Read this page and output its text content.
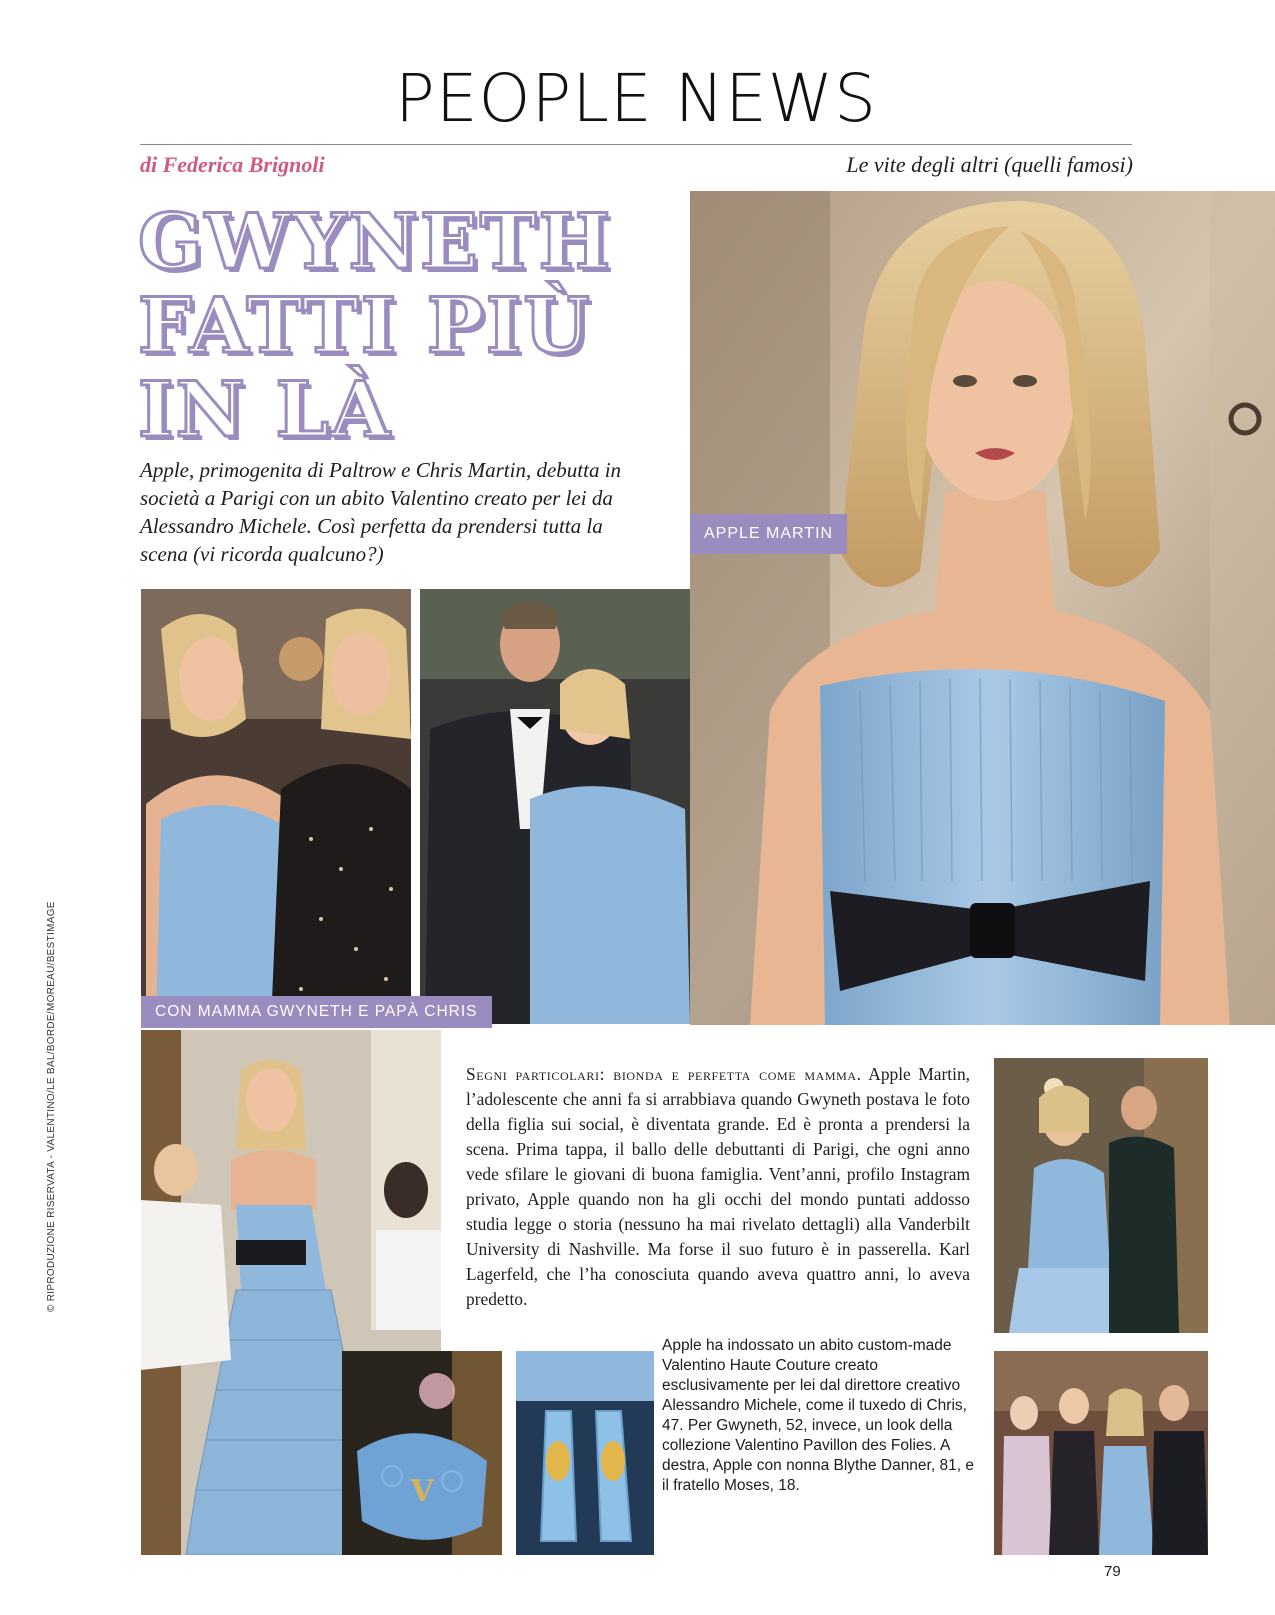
PEOPLE NEWS
di Federica Brignoli	Le vite degli altri (quelli famosi)
GWYNETH
FATTI PIÙ
IN LÀ
Apple, primogenita di Paltrow e Chris Martin, debutta in società a Parigi con un abito Valentino creato per lei da Alessandro Michele. Così perfetta da prendersi tutta la scena (vi ricorda qualcuno?)
APPLE MARTIN
CON MAMMA GWYNETH E PAPÀ CHRIS
Segni particolari: bionda e perfetta come mamma. Apple Martin, l’adolescente che anni fa si arrabbiava quando Gwyneth postava le foto della figlia sui social, è diventata grande. Ed è pronta a prendersi la scena. Prima tappa, il ballo delle debuttanti di Parigi, che ogni anno vede sfilare le giovani di buona famiglia. Vent’anni, profilo Instagram privato, Apple quando non ha gli occhi del mondo puntati addosso studia legge o storia (nessuno ha mai rivelato dettagli) alla Vanderbilt University di Nashville. Ma forse il suo futuro è in passerella. Karl Lagerfeld, che l’ha conosciuta quando aveva quattro anni, lo aveva predetto.
V
Apple ha indossato un abito custom-made Valentino Haute Couture creato esclusivamente per lei dal direttore creativo Alessandro Michele, come il tuxedo di Chris, 47. Per Gwyneth, 52, invece, un look della collezione Valentino Pavillon des Folies. A destra, Apple con nonna Blythe Danner, 81, e il fratello Moses, 18.
© RIPRODUZIONE RISERVATA - VALENTINO/LE BAL/BORDE/MOREAU/BESTIMAGE
79
